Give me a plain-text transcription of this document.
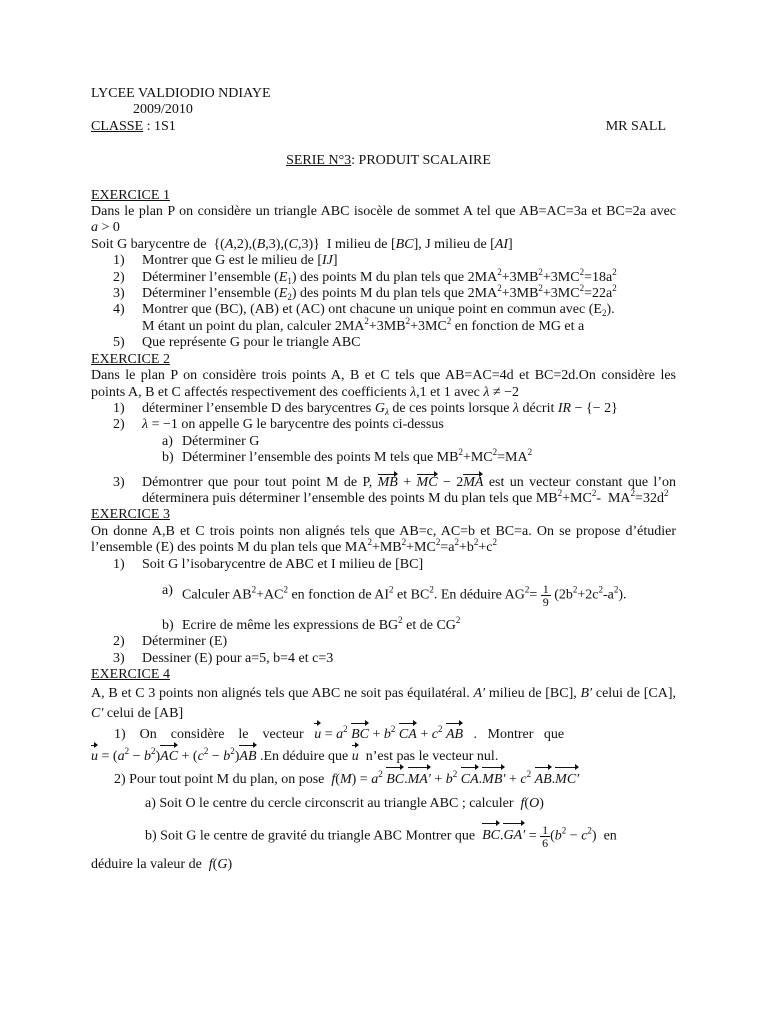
LYCEE VALDIODIO NDIAYE
2009/2010
CLASSE : 1S1	MR SALL
SERIE N°3: PRODUIT SCALAIRE
EXERCICE 1
Dans le plan P on considère un triangle ABC isocèle de sommet A tel que AB=AC=3a et BC=2a avec a > 0
Soit G barycentre de  {(A,2),(B,3),(C,3)}  I milieu de [BC], J milieu de [AI]
1)	Montrer que G est le milieu de [IJ]
2)	Déterminer l’ensemble $(E_1)$ des points M du plan tels que $2MA^2+3MB^2+3MC^2=18a^2$
3)	Déterminer l’ensemble $(E_2)$ des points M du plan tels que $2MA^2+3MB^2+3MC^2=22a^2$
4)	Montrer que (BC), (AB) et (AC) ont chacune un unique point en commun avec $(E_2)$.
M étant un point du plan, calculer $2MA^2+3MB^2+3MC^2$ en fonction de MG et a
5)	Que représente G pour le triangle ABC
EXERCICE 2
Dans le plan P on considère trois points A, B et C tels que AB=AC=4d et BC=2d.On considère les points A, B et C affectés respectivement des coefficients λ,1 et 1 avec λ ≠ −2
1)	déterminer l’ensemble D des barycentres $G_\lambda$ de ces points lorsque λ décrit IR − {− 2}
2)	λ = −1 on appelle G le barycentre des points ci-dessus
a) Déterminer G
b) Déterminer l’ensemble des points M tels que $MB^2+MC^2=MA^2$
3)	Démontrer que pour tout point M de P, MB + MC − 2MA est un vecteur constant que l’on déterminera puis déterminer l’ensemble des points M du plan tels que $MB^2+MC^2-$  $MA^2=32d^2$
EXERCICE 3
On donne A,B et C trois points non alignés tels que AB=c, AC=b et BC=a. On se propose d’étudier l’ensemble (E) des points M du plan tels que $MA^2+MB^2+MC^2=a^2+b^2+c^2$
1)	Soit G l’isobarycentre de ABC et I milieu de [BC]
a) Calculer $AB^2+AC^2$ en fonction de $AI^2$ et $BC^2$. En déduire $AG^2= \frac{1}{9} (2b^2+2c^2-a^2)$.
b) Ecrire de même les expressions de $BG^2$ et de $CG^2$
2)	Déterminer (E)
3)	Dessiner (E) pour a=5, b=4 et c=3
EXERCICE 4
A, B et C 3 points non alignés tels que ABC ne soit pas équilatéral. A′ milieu de [BC], B′ celui de [CA], C′ celui de [AB]
1)    On    considère    le    vecteur   $u = a^2$ BC + $b^2$ CA + $c^2$ AB   .   Montrer   que
$u = (a^2 - b^2)AC + (c^2 - b^2)AB$ .En déduire que u  n’est pas le vecteur nul.
2) Pour tout point M du plan, on pose  $f(M) = a^2$ $BC.MA' + b^2$ $CA.MB' + c^2$ AB.MC′
a) Soit O le centre du cercle circonscrit au triangle ABC ; calculer  f(O)
b) Soit G le centre de gravité du triangle ABC Montrer que  $BC.GA' = \frac{1}{6} (b^2 - c^2)$  en
déduire la valeur de  f(G)
